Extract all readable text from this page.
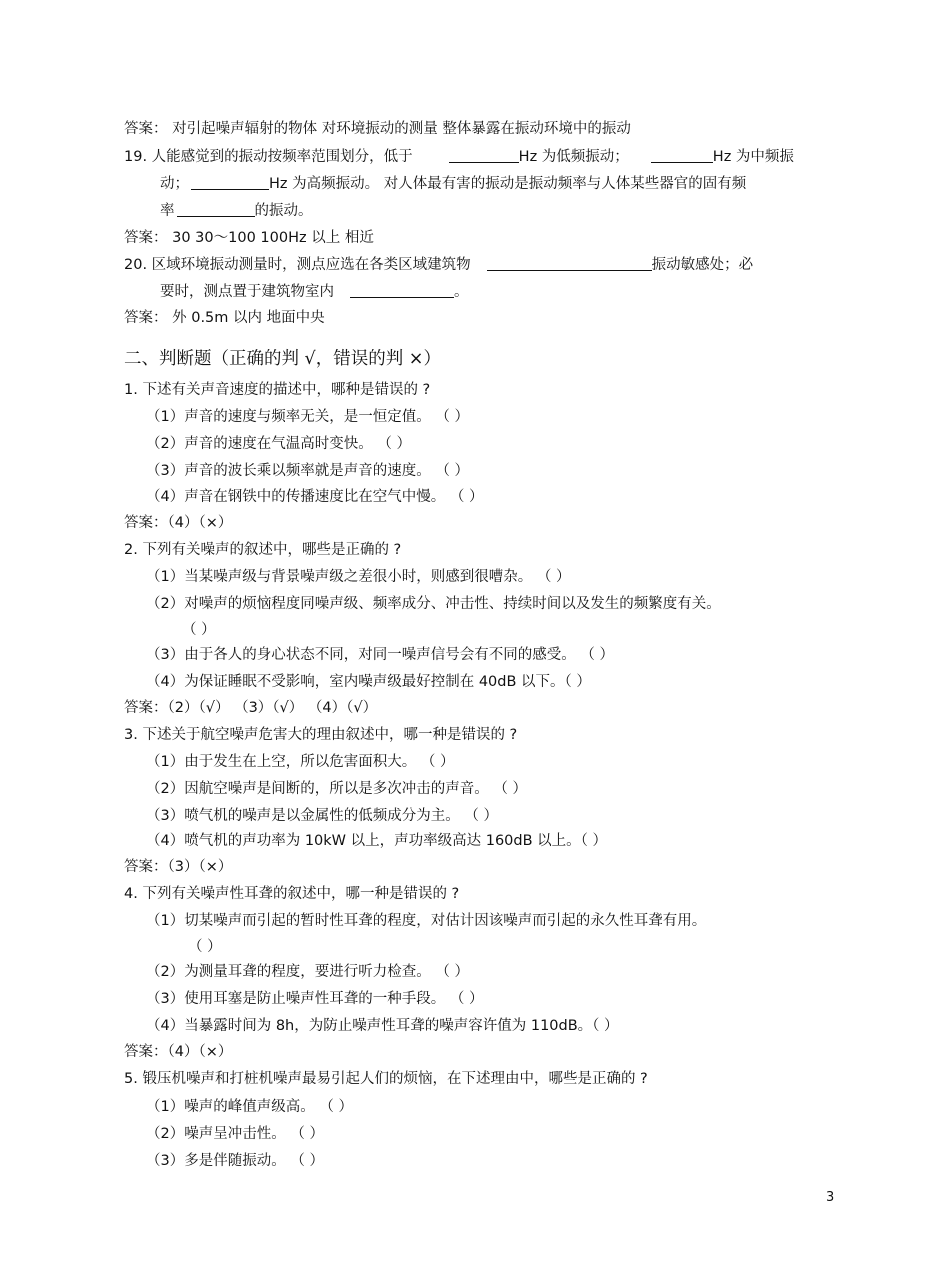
答案： 对引起噪声辐射的物体 对环境振动的测量 整体暴露在振动环境中的振动
19. 人能感觉到的振动按频率范围划分，低于	Hz 为低频振动；	Hz 为中频振
动；	Hz 为高频振动。 对人体最有害的振动是振动频率与人体某些器官的固有频
率	的振动。
答案： 30 30～100 100Hz 以上 相近
20. 区域环境振动测量时，测点应选在各类区域建筑物	振动敏感处；必
要时，测点置于建筑物室内	。
答案： 外 0.5m 以内 地面中央
二、判断题（正确的判 √，错误的判 ×）
1. 下述有关声音速度的描述中，哪种是错误的 ?
（1）声音的速度与频率无关，是一恒定值。 （ ）
（2）声音的速度在气温高时变快。 （ ）
（3）声音的波长乘以频率就是声音的速度。 （ ）
（4）声音在钢铁中的传播速度比在空气中慢。 （ ）
答案：（4）（×）
2. 下列有关噪声的叙述中，哪些是正确的 ?
（1）当某噪声级与背景噪声级之差很小时，则感到很嘈杂。 （ ）
（2）对噪声的烦恼程度同噪声级、频率成分、冲击性、持续时间以及发生的频繁度有关。
（ ）
（3）由于各人的身心状态不同，对同一噪声信号会有不同的感受。 （ ）
（4）为保证睡眠不受影响，室内噪声级最好控制在 40dB 以下。（ ）
答案：（2）（√） （3）（√） （4）（√）
3. 下述关于航空噪声危害大的理由叙述中，哪一种是错误的 ?
（1）由于发生在上空，所以危害面积大。 （ ）
（2）因航空噪声是间断的，所以是多次冲击的声音。 （ ）
（3）喷气机的噪声是以金属性的低频成分为主。 （ ）
（4）喷气机的声功率为 10kW 以上，声功率级高达 160dB 以上。（ ）
答案：（3）（×）
4. 下列有关噪声性耳聋的叙述中，哪一种是错误的 ?
（1）切某噪声而引起的暂时性耳聋的程度，对估计因该噪声而引起的永久性耳聋有用。
（ ）
（2）为测量耳聋的程度，要进行听力检查。 （ ）
（3）使用耳塞是防止噪声性耳聋的一种手段。 （ ）
（4）当暴露时间为 8h，为防止噪声性耳聋的噪声容许值为 110dB。（ ）
答案：（4）（×）
5. 锻压机噪声和打桩机噪声最易引起人们的烦恼，在下述理由中，哪些是正确的 ?
（1）噪声的峰值声级高。 （ ）
（2）噪声呈冲击性。 （ ）
（3）多是伴随振动。 （ ）
3
